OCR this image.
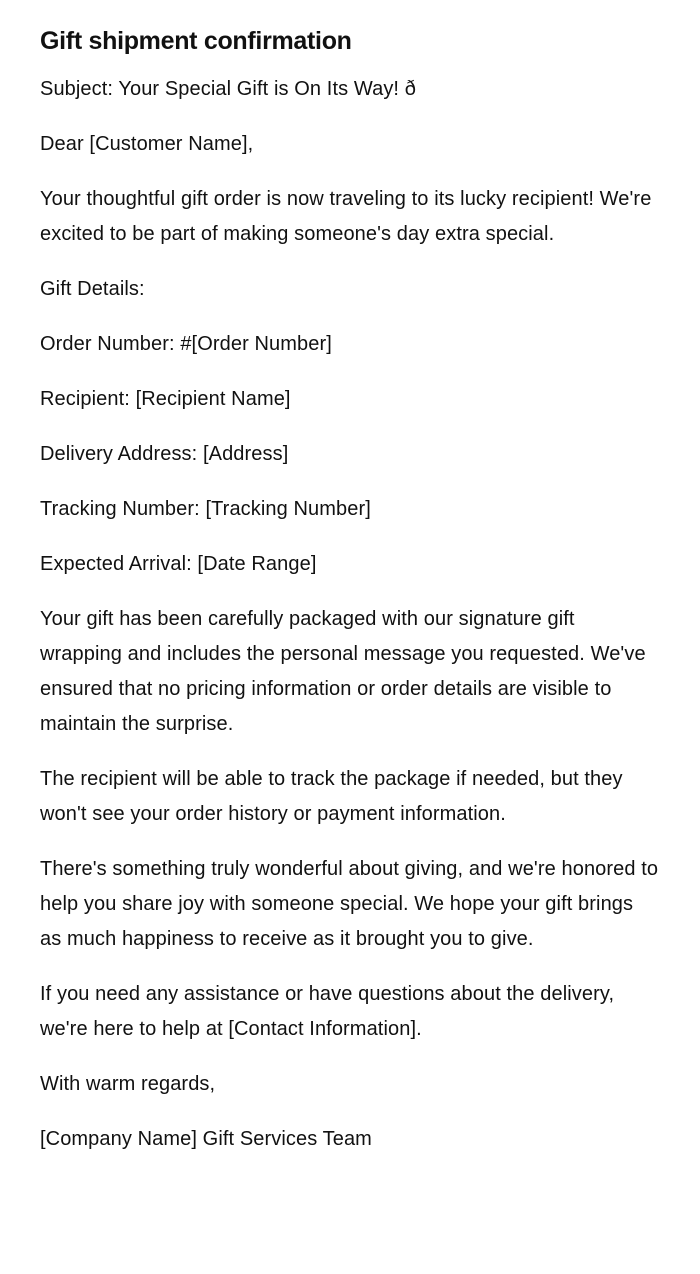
Gift shipment confirmation

Subject: Your Special Gift is On Its Way! ð

Dear [Customer Name],

Your thoughtful gift order is now traveling to its lucky recipient! We're excited to be part of making someone's day extra special.

Gift Details:

Order Number: #[Order Number]

Recipient: [Recipient Name]

Delivery Address: [Address]

Tracking Number: [Tracking Number]

Expected Arrival: [Date Range]

Your gift has been carefully packaged with our signature gift wrapping and includes the personal message you requested. We've ensured that no pricing information or order details are visible to maintain the surprise.

The recipient will be able to track the package if needed, but they won't see your order history or payment information.

There's something truly wonderful about giving, and we're honored to help you share joy with someone special. We hope your gift brings as much happiness to receive as it brought you to give.

If you need any assistance or have questions about the delivery, we're here to help at [Contact Information].

With warm regards,

[Company Name] Gift Services Team
